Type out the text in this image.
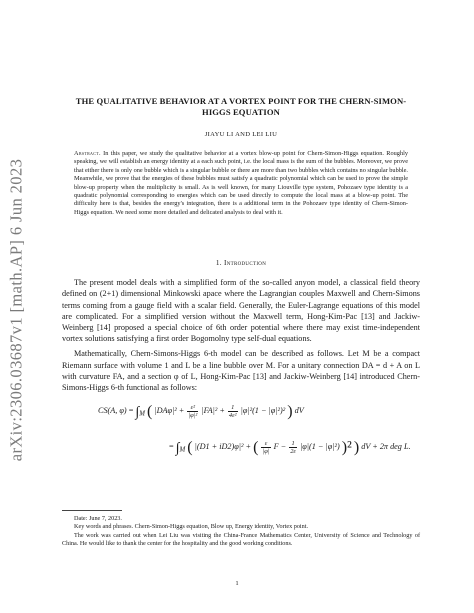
arXiv:2306.03687v1 [math.AP] 6 Jun 2023
THE QUALITATIVE BEHAVIOR AT A VORTEX POINT FOR THE CHERN-SIMON-HIGGS EQUATION
JIAYU LI AND LEI LIU
Abstract. In this paper, we study the qualitative behavior at a vortex blow-up point for Chern-Simon-Higgs equation. Roughly speaking, we will establish an energy identity at a each such point, i.e. the local mass is the sum of the bubbles. Moreover, we prove that either there is only one bubble which is a singular bubble or there are more than two bubbles which contains no singular bubble. Meanwhile, we prove that the energies of these bubbles must satisfy a quadratic polynomial which can be used to prove the simple blow-up property when the multiplicity is small. As is well known, for many Liouville type system, Pohozaev type identity is a quadratic polynomial corresponding to energies which can be used directly to compute the local mass at a blow-up point. The difficulty here is that, besides the energy's integration, there is a additional term in the Pohozaev type identity of Chern-Simon-Higgs equation. We need some more detailed and delicated analysis to deal with it.
1. Introduction

The present model deals with a simplified form of the so-called anyon model, a classical field theory defined on (2+1) dimensional Minkowski apace where the Lagrangian couples Maxwell and Chern-Simons terms coming from a gauge field with a scalar field. Generally, the Euler-Lagrange equations of this model are complicated. For a simplified version without the Maxwell term, Hong-Kim-Pac [13] and Jackiw-Weinberg [14] proposed a special choice of 6th order potential where there may exist time-independent vortex solutions satisfying a first order Bogomolny type self-dual equations.

Mathematically, Chern-Simons-Higgs 6-th model can be described as follows. Let M be a compact Riemann surface with volume 1 and L be a line bubble over M. For a unitary connection DA = d + A on L with curvature FA, and a section φ of L, Hong-Kim-Pac [13] and Jackiw-Weinberg [14] introduced Chern-Simons-Higgs 6-th functional as follows:

CS(A, $\varphi) = \int_M$ ( $|DA\varphi|^2 + \frac{\text{ε²}}{\text{|φ|²}} |FA|^2 + \frac{1}{\text{4ε²}} |\varphi|^2(1 - |\varphi|^2)^2$ ) dV
= $\int_M$ ( |(D1 + iD2)φ|² + ( $\frac{\varepsilon}{|\varphi|}$ $F - \frac{1}{2\varepsilon} |\varphi|(1 - |\varphi|^2)$ )² ) dV + 2π deg L.

Date: June 7, 2023.

Key words and phrases. Chern-Simon-Higgs equation, Blow up, Energy identity, Vortex point.

The work was carried out when Lei Liu was visiting the China-France Mathematics Center, University of Science and Technology of China. He would like to thank the center for the hospitality and the good working conditions.

1
